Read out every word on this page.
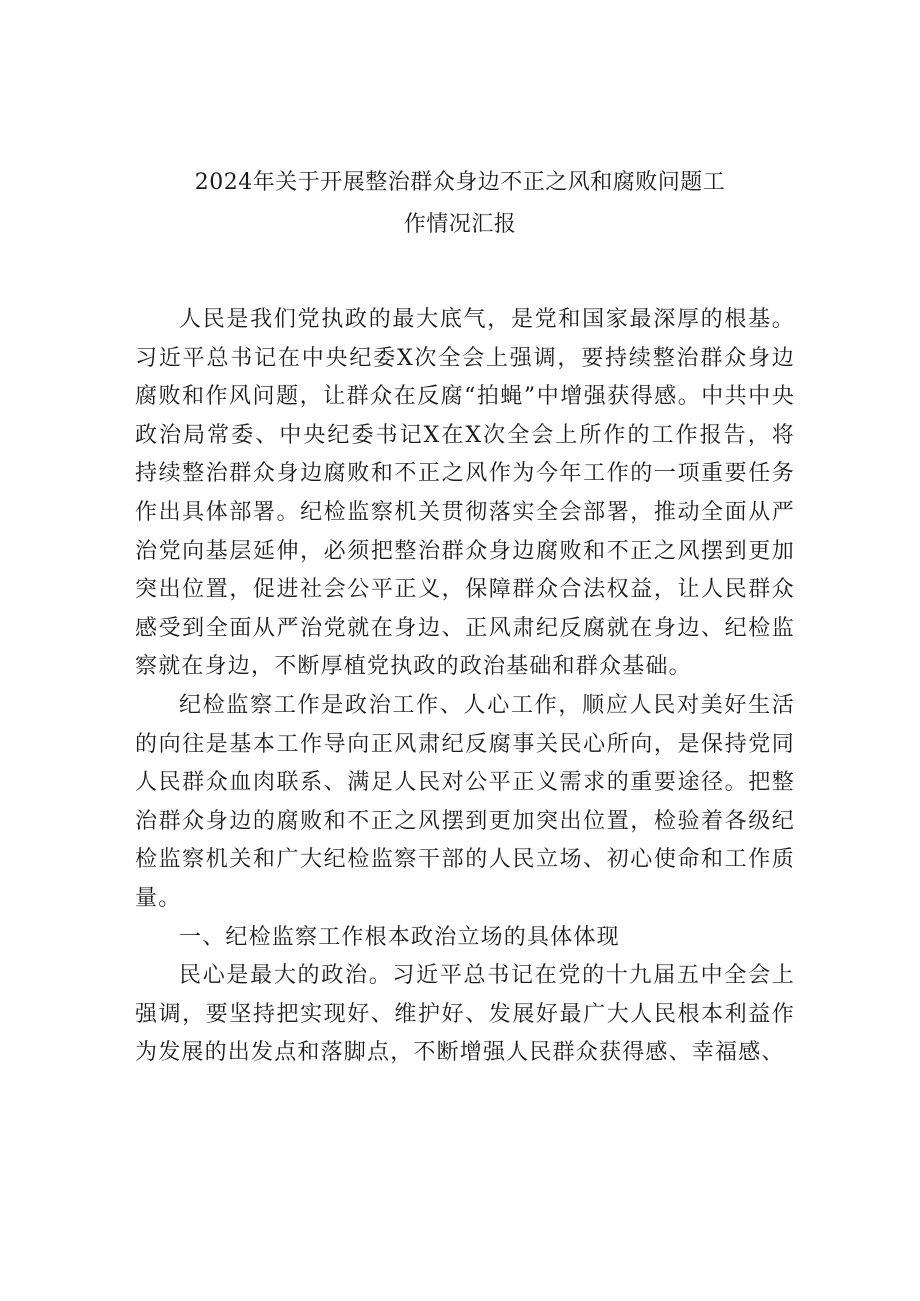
2024年关于开展整治群众身边不正之风和腐败问题工
作情况汇报

人民是我们党执政的最大底气，是党和国家最深厚的根基。习近平总书记在中央纪委X次全会上强调，要持续整治群众身边腐败和作风问题，让群众在反腐“拍蝇”中增强获得感。中共中央政治局常委、中央纪委书记X在X次全会上所作的工作报告，将持续整治群众身边腐败和不正之风作为今年工作的一项重要任务作出具体部署。纪检监察机关贯彻落实全会部署，推动全面从严治党向基层延伸，必须把整治群众身边腐败和不正之风摆到更加突出位置，促进社会公平正义，保障群众合法权益，让人民群众感受到全面从严治党就在身边、正风肃纪反腐就在身边、纪检监察就在身边，不断厚植党执政的政治基础和群众基础。

纪检监察工作是政治工作、人心工作，顺应人民对美好生活的向往是基本工作导向正风肃纪反腐事关民心所向，是保持党同人民群众血肉联系、满足人民对公平正义需求的重要途径。把整治群众身边的腐败和不正之风摆到更加突出位置，检验着各级纪检监察机关和广大纪检监察干部的人民立场、初心使命和工作质量。

一、纪检监察工作根本政治立场的具体体现

民心是最大的政治。习近平总书记在党的十九届五中全会上强调，要坚持把实现好、维护好、发展好最广大人民根本利益作为发展的出发点和落脚点，不断增强人民群众获得感、幸福感、
